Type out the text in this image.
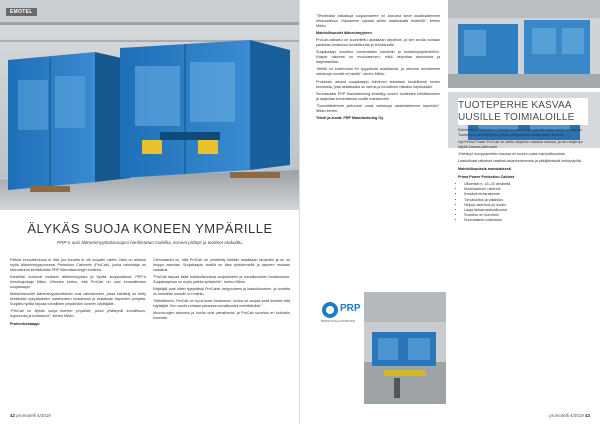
EMOTEL
ÄLYKÄS SUOJA KONEEN YMPÄRILLE
PRP:n uusi älänenimyyttaitasuojasi hankintatuo malellia, koneet pidäyti ja tuotteet otakulttu.

Pelkkä innovatiivisuus ei riitä, jos konetta ei ole suojattu oikein. Näin on alkanut myös älänenimyysprosessi Protection Cabinetin (ProCab), jonka valmistaja on kiinnostunut kehittämään PRP Manufacturingin tuotteita.

Kanteihin kuuluvat muitakin älänenimyyksia ja hyvää suojaustasoa. PRP:n toimitusjohtaja Mikko Vilhunen kertoo, että ProCab on uusi innovatiivinen suojakaappi.

Mahdollisuudet älänenimyystuotteisiin ovat vahvistuneet, jossa käsittely on tehty kestävästi nykyaikaisten vaatimusten mukaisesti ja asiakkaan tarpeiden pohjalta. Suojattu työtila tarjoaa turvallisen ympäristön koneen käyttäjälle.

”ProCab on älykäs suoja koneen ympärille, jossa yhdistyvät turvallisuus, ergonomia ja tuottavuus”, kertoo Mikko.

Protectivekaappi

Olennaisinta on, että ProCab on yhdistetty kaikkiin asiakkaan tarpeisiin ja se on helppo asentaa. Suojakaapin sisällä on tilaa työskennellä ja tarpeen mukaan valaistus.

”ProCab tarjoaa lisää mahdollisuuksia suojaukseen ja turvallisuuteen tuotannossa. Suojakaapissa on myös paikka työkaluille”, kertoo Mikko.

Käyttäjät ovat olleet tyytyväisiä ProCabin helppouteen ja laadukkuuteen, ja tuotetta on toimitettu useisiin eri maihin.

”Nähdäkseni, ProCab on hyvä tuote tuotantoon, koska se suojaa sekä konetta että käyttäjää. Sen avulla voidaan parantaa turvallisuutta merkittävästi.”

Muovisuojien asennus ja huolto ovat vaivattomia, ja ProCab soveltuu eri kokoisiin koneisiin.

42 promotelli 4/2019

”Tehokkaita ratkaisuja suojaamiseen on kasvava tarve asiakkaidemme keskuudessa. Haluamme vastata siihen laadukkailla tuotteilla”, kertoo Mikko.

Mahdollisuudet älänenimyyteen

ProCab-ratkaisu on suunniteltu asiakkaan tarpeisiin, ja sen avulla voidaan parantaa tuotannon turvallisuutta ja tehokkuutta.

Suojakaappi soveltuu monenlaisiin koneisiin ja tuotantoympäristöihin. Kaapin rakenne on modulaarinen, mikä helpottaa asennusta ja laajentamista.

”Meillä on kokemusta eri tyyppisistä asiakkaista, ja olemme toimittaneet ratkaisuja monille eri aloille”, kertoo Mikko.

Prosessin aikana suojakaapin toiminnot testataan huolellisesti ennen toimitusta, jotta asiakkaalla on varma ja turvallinen ratkaisu käytössään.

Seuraavaksi PRP Manufacturing keskittyy uusien tuotteiden kehittämiseen ja laajentaa toimintaansa uusille markkinoille.

”Suunnittelemme jatkuvasti uusia ratkaisuja asiakkaidemme tarpeisiin”, Mikko kertoo.

Teksti ja kuvat: PRP Manufacturing Oy

PRP
PROTECTION & AUTOMATION
TUOTEPERHE KASVAA UUSILLE TOIMIALOILLE

Esimerkiksi Protection Cabinet on suunniteltu palvelemaan useita toimialoja. Tuotteiston kehittäminen jatkuu yhteistyössä asiakkaiden kanssa.

Nyt Prima Power ProCab on otettu käyttöön useissa maissa, ja sen laajempi käyttö kasvaa jatkuvasti.

Yhteistyö kumppaneiden kanssa on tuonut uusia mahdollisuuksia.

Laadukkaat ratkaisut vaativat asiantuntemusta ja pitkäjänteistä kehitystyötä.

Mahdollisuuksia monialaisesti

Prima Power Protection Cabinet

• Ulkomitat n. 16–20 desibeliä
• Modulaarinen rakenne
• Kestävä teräsrakenne
• Turvalukitus ja valaistus
• Helppo asennus ja huolto
• Laaja lisävarustevalikoima
• Soveltuu eri koneisiin
• Suomalainen valmistus
promotelli 4/2019 43
